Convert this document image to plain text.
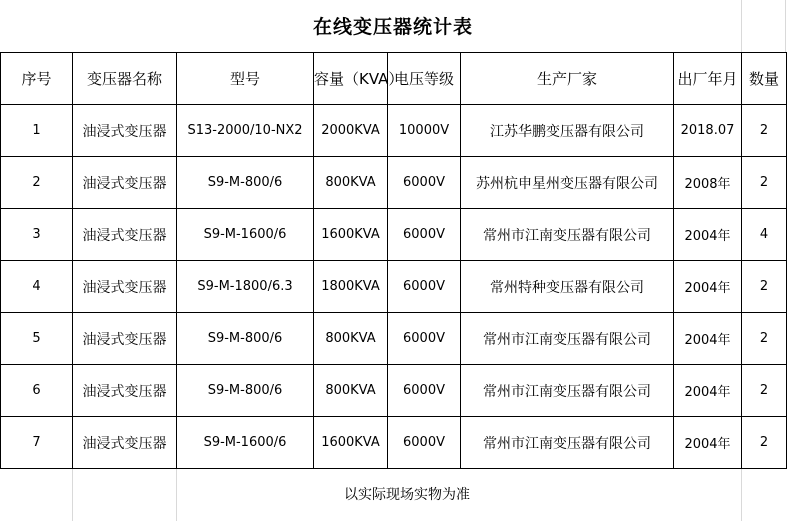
在线变压器统计表
序号	变压器名称	型号	容量（KVA）	电压等级	生产厂家	出厂年月	数量
1	油浸式变压器	S13-2000/10-NX2	2000KVA	10000V	江苏华鹏变压器有限公司	2018.07	2
2	油浸式变压器	S9-M-800/6	800KVA	6000V	苏州杭申星州变压器有限公司	2008年	2
3	油浸式变压器	S9-M-1600/6	1600KVA	6000V	常州市江南变压器有限公司	2004年	4
4	油浸式变压器	S9-M-1800/6.3	1800KVA	6000V	常州特种变压器有限公司	2004年	2
5	油浸式变压器	S9-M-800/6	800KVA	6000V	常州市江南变压器有限公司	2004年	2
6	油浸式变压器	S9-M-800/6	800KVA	6000V	常州市江南变压器有限公司	2004年	2
7	油浸式变压器	S9-M-1600/6	1600KVA	6000V	常州市江南变压器有限公司	2004年	2
以实际现场实物为准
